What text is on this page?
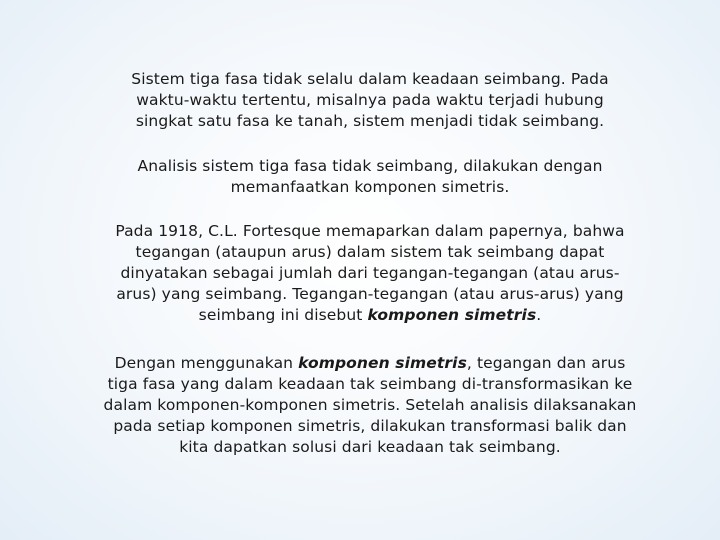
Sistem tiga fasa tidak selalu dalam keadaan seimbang. Pada waktu-waktu tertentu, misalnya pada waktu terjadi hubung singkat satu fasa ke tanah, sistem menjadi tidak seimbang.

Analisis sistem tiga fasa tidak seimbang, dilakukan dengan memanfaatkan komponen simetris.

Pada 1918, C.L. Fortesque memaparkan dalam papernya, bahwa tegangan (ataupun arus) dalam sistem tak seimbang dapat dinyatakan sebagai jumlah dari tegangan-tegangan (atau arus-arus) yang seimbang. Tegangan-tegangan (atau arus-arus) yang seimbang ini disebut komponen simetris.

Dengan menggunakan komponen simetris, tegangan dan arus tiga fasa yang dalam keadaan tak seimbang di-transformasikan ke dalam komponen-komponen simetris. Setelah analisis dilaksanakan pada setiap komponen simetris, dilakukan transformasi balik dan kita dapatkan solusi dari keadaan tak seimbang.
